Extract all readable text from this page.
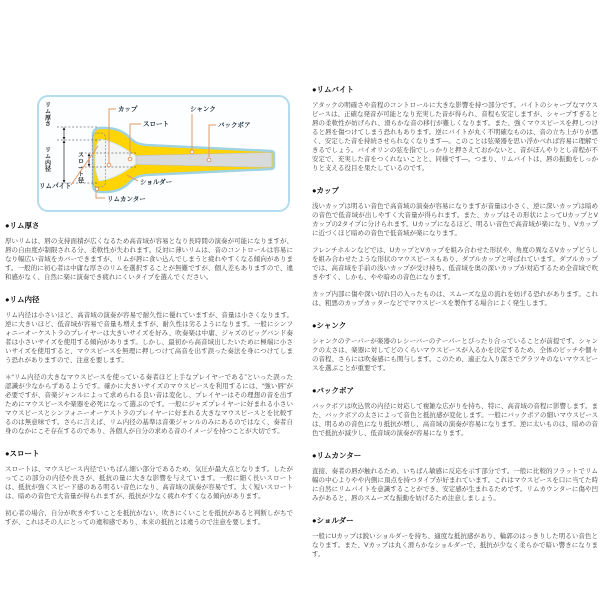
リム厚さ
リム内径
スロート径
カップ
スロート
シャンク
バックボア
リムバイト
ショルダー
リムカンター
●リム厚さ

厚いリムは、唇の支持面積が広くなるため高音域が容易となり長時間の演奏が可能になりますが、唇の自由度が制限される分、柔軟性が失われます。反対に薄いリムは、音のコントロールは容易になり幅広い音域をカバーできますが、リムが唇に食い込んでしまうと疲れやすくなる傾向があります。一般的に初心者は中庸な厚さのリムを選択することが無難ですが、個人差もありますので、違和感がなく、自然に楽に演奏でき疲れにくいタイプを選んでください。

●リム内径

リム内径は小さいほど、高音域の演奏が容易で耐久性に優れていますが、音量は小さくなります。逆に大きいほど、低音域が容易で音量も増えますが、耐久性は劣るようになります。一般にシンフォニーオーケストラのプレイヤーは大きいサイズを好み、吹奏楽は中庸、ジャズのビッグバンド奏者は小さいサイズを使用する傾向があります。しかし、最初から高音域出したいために極端に小さいサイズを使用すると、マウスピースを無理に押しつけて高音を出す誤った奏法を身につけてしまう恐れがありますので、注意を要します。

＊“リム内径の大きなマウスピースを使っている奏者ほど上手なプレイヤーである”といった誤った認識が少なからずあるようです。確かに大きいサイズのマウスピースを利用するには、“強い唇”が必要ですが、音楽ジャンルによって求められる良い音は変化し、プレイヤーはその理想の音を出すためにマウスピースや楽器を必死になって選ぶのです。一般にジャズプレイヤーに好まれる小さいマウスピースとシンフォニーオーケストラのプレイヤーに好まれる大きなマウスピースとを比較するのは無意味です。さらに言えば、リム内径の基準は音楽ジャンルのみにあるのではなく、奏者自身のなかにこそ存在するのであり、各個人が自分の求める音のイメージを持つことが大切です。

●スロート

スロートは、マウスピース内径でいちばん細い部分であるため、気圧が最大点となります。したがってこの部分の内径や長さが、抵抗の量に大きな影響を与えています。一般に細く長いスロートは、抵抗が強くスピード感のある明るい音色になり、高音域の演奏が容易です。太く短いスロートは、暗めの音色で大音量が得られますが、抵抗が少なく疲れやすくなる傾向があります。

初心者の場合、自分が吹きやすいことを抵抗がない、吹きにくいことを抵抗があると判断しがちですが、これはその人にとっての違和感であり、本来の抵抗とは違うので注意を要します。

●リムバイト

アタックの明確さや音程のコントロールに大きな影響を持つ部分です。バイトのシャープなマウスピースは、正確な発音が可能となり充実した音が得られ、音程も安定しますが、シャープすぎると唇の柔軟性が妨げられ、滑らかな音の移行が難しくなります。また、強くマウスピースを押しつけると唇を傷つけてしまう恐れもあります。逆にバイトが丸く不明確なものは、音の立ち上がりが悪く、安定した音を持続させられなくなります―。このことは弦楽器を思い浮かべれば容易に理解できるでしょう。バイオリンの弦を指でしっかりと押さえておかないと、音がぼんやりとし音程が不安定で、充実した音をつくれないことと、同様です―。つまり、リムバイトは、唇の振動をしっかりと支える役目を果たしているのです。

●カップ

浅いカップは明るい音色で高音域の演奏が容易になりますが音量は小さく、逆に深いカップは暗めの音色で低音域が出しやすく大音量が得られます。また、カップはその形状によってUカップとVカップの2タイプに分けられます。Uカップになるほど、明るい音色で高音域が楽になり、Vカップに近づくほど暗めの音色で低音域が楽になります。

フレンチホルンなどでは、UカップとVカップを組み合わせた形状や、角度の異なるVカップどうしを組み合わせたような形状のマウスピースもあり、ダブルカップと呼ばれています。ダブルカップでは、高音域を手前の浅いカップが受け持ち、低音域を奥の深いカップが対応するため全音域で吹きやすく、しかも、やや暗めの音色になります。

カップ内部に傷や深い切れ目の入ったものは、スムーズな息の流れを妨げる恐れがあります。これは、粗悪のカップカッターなどでマウスピースを製作する場合によく発生します。

●シャンク

シャンクのテーパーが楽器のレシーバーのテーパーとぴったり合っていることが前提です。シャンクの太さは、楽器に対してどのくらいマウスピースが入るかを決定するため、全体のピッチや個々の音程、さらには吹奏感にも関与します。このため、適正な入り深さでグラツキのないマウスピースを選ぶことが重要です。

●バックボア

バックボアは吹込管の内径に対応して複雑な広がりを持ち、特に、高音域の音程に影響します。また、バックボアの太さによって音色と抵抗感が変化します。一般にバックボアの細いマウスピースは、明るめの音色になり抵抗が増し、高音域の演奏が容易になります。逆に太いものは、暗めの音色で抵抗が減少し、低音域の演奏が容易になります。

●リムカンター

直接、奏者の唇が触れるため、いちばん敏感に反応を示す部分です。一般に比較的フラットでリム幅の中心よりやや内側に頂点を持つタイプが好まれています。これはマウスピースを口に当てた時に自然にリムバイトを意識することができ、安定感が生まれるためです。リムカウンターに傷や凹みがあると、唇のスムーズな振動を妨げるため注意しましょう。

●ショルダー

一般にUカップは鋭いショルダーを持ち、適度な抵抗感があり、輪郭のはっきりした明るい音色となります。また、Vカップは丸く滑らかなショルダーで、抵抗が少なく柔らかで暗い響きになります。
